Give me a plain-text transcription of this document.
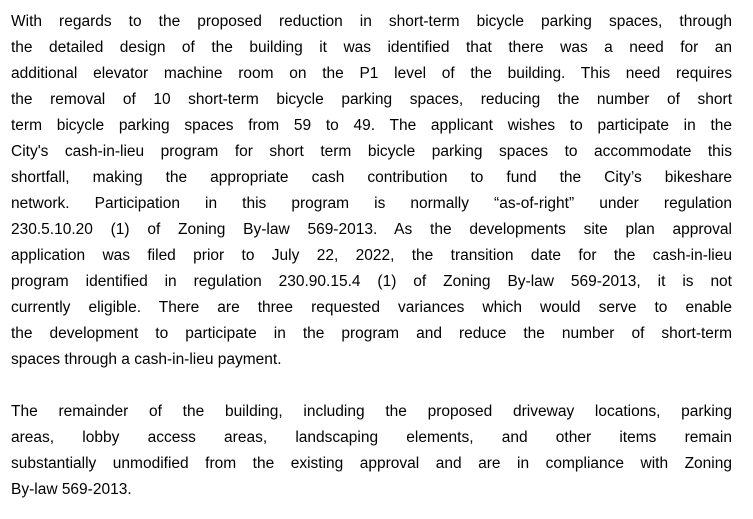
With regards to the proposed reduction in short-term bicycle parking spaces, through
the detailed design of the building it was identified that there was a need for an
additional elevator machine room on the P1 level of the building. This need requires
the removal of 10 short-term bicycle parking spaces, reducing the number of short
term bicycle parking spaces from 59 to 49. The applicant wishes to participate in the
City's cash-in-lieu program for short term bicycle parking spaces to accommodate this
shortfall, making the appropriate cash contribution to fund the City’s bikeshare
network. Participation in this program is normally “as-of-right” under regulation
230.5.10.20 (1) of Zoning By-law 569-2013. As the developments site plan approval
application was filed prior to July 22, 2022, the transition date for the cash-in-lieu
program identified in regulation 230.90.15.4 (1) of Zoning By-law 569-2013, it is not
currently eligible. There are three requested variances which would serve to enable
the development to participate in the program and reduce the number of short-term
spaces through a cash-in-lieu payment.
The remainder of the building, including the proposed driveway locations, parking
areas, lobby access areas, landscaping elements, and other items remain
substantially unmodified from the existing approval and are in compliance with Zoning
By-law 569-2013.
